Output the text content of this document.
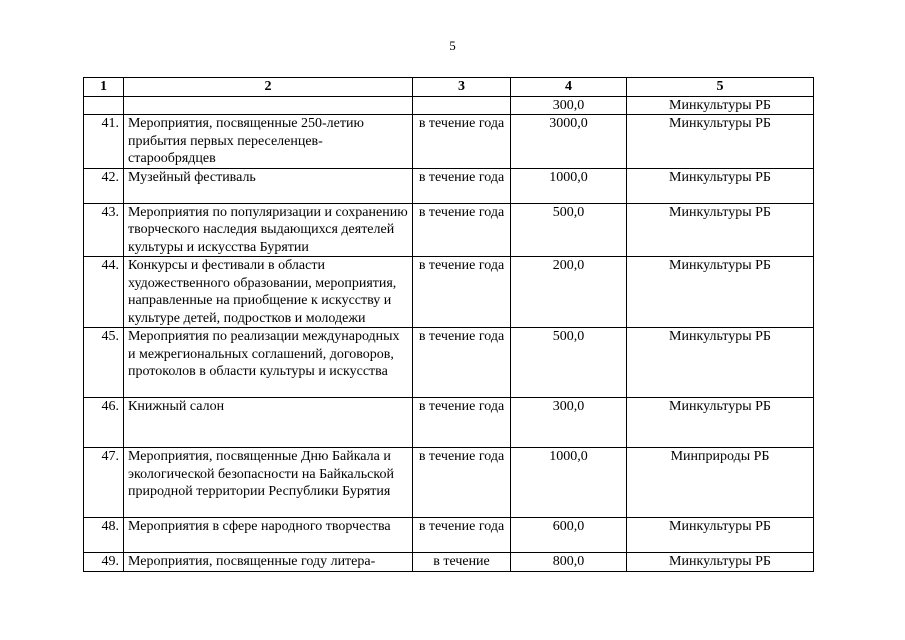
5
1	2	3	4	5
			300,0	Минкультуры РБ
41.	Мероприятия, посвященные 250-летию прибытия первых переселенцев-старообрядцев	в течение года	3000,0	Минкультуры РБ
42.	Музейный фестиваль	в течение года	1000,0	Минкультуры РБ
43.	Мероприятия по популяризации и сохранению творческого наследия выдающихся деятелей культуры и искусства Бурятии	в течение года	500,0	Минкультуры РБ
44.	Конкурсы и фестивали в области художественного образовании, мероприятия, направленные на приобщение к искусству и культуре детей, подростков и молодежи	в течение года	200,0	Минкультуры РБ
45.	Мероприятия по реализации международных и межрегиональных соглашений, договоров, протоколов в области культуры и искусства	в течение года	500,0	Минкультуры РБ
46.	Книжный салон	в течение года	300,0	Минкультуры РБ
47.	Мероприятия, посвященные Дню Байкала и экологической безопасности на Байкальской природной территории Республики Бурятия	в течение года	1000,0	Минприроды РБ
48.	Мероприятия в сфере народного творчества	в течение года	600,0	Минкультуры РБ
49.	Мероприятия, посвященные году литера-	в течение	800,0	Минкультуры РБ
